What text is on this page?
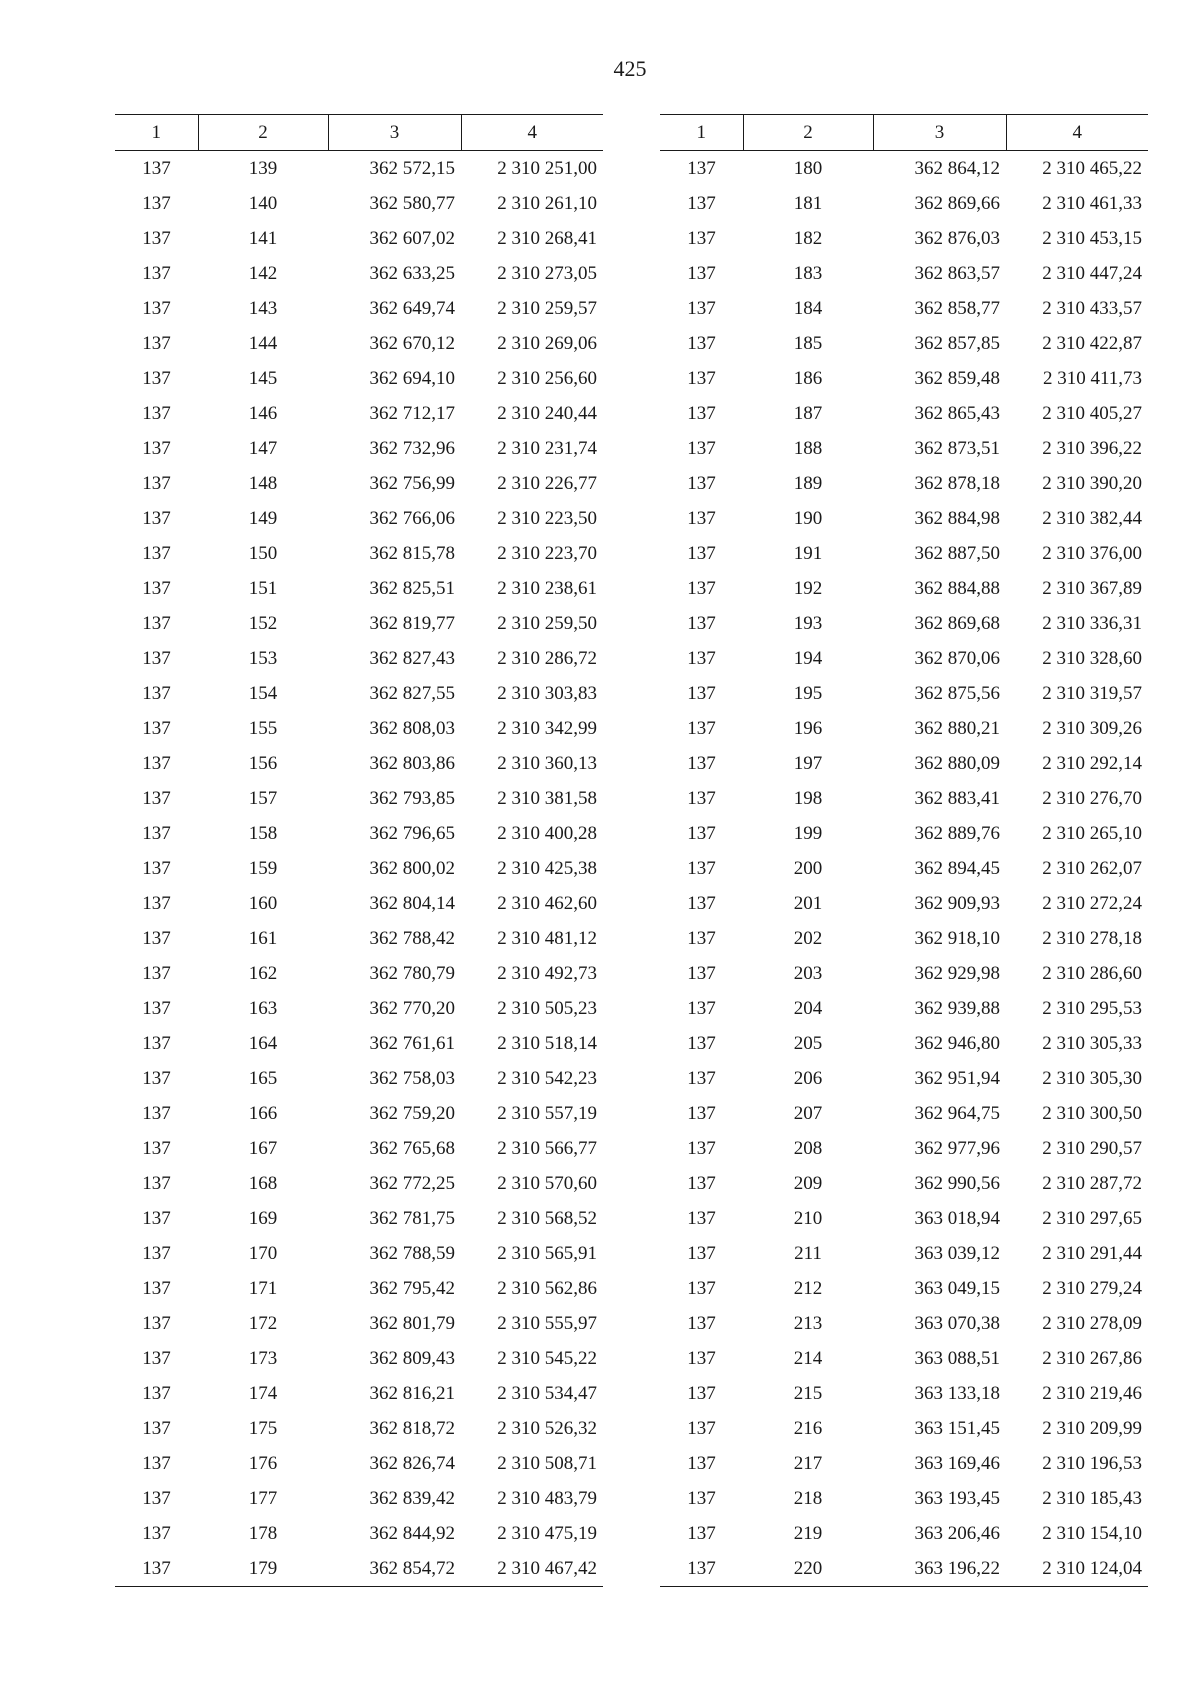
425
1	2	3	4
137	139	362 572,15	2 310 251,00
137	140	362 580,77	2 310 261,10
137	141	362 607,02	2 310 268,41
137	142	362 633,25	2 310 273,05
137	143	362 649,74	2 310 259,57
137	144	362 670,12	2 310 269,06
137	145	362 694,10	2 310 256,60
137	146	362 712,17	2 310 240,44
137	147	362 732,96	2 310 231,74
137	148	362 756,99	2 310 226,77
137	149	362 766,06	2 310 223,50
137	150	362 815,78	2 310 223,70
137	151	362 825,51	2 310 238,61
137	152	362 819,77	2 310 259,50
137	153	362 827,43	2 310 286,72
137	154	362 827,55	2 310 303,83
137	155	362 808,03	2 310 342,99
137	156	362 803,86	2 310 360,13
137	157	362 793,85	2 310 381,58
137	158	362 796,65	2 310 400,28
137	159	362 800,02	2 310 425,38
137	160	362 804,14	2 310 462,60
137	161	362 788,42	2 310 481,12
137	162	362 780,79	2 310 492,73
137	163	362 770,20	2 310 505,23
137	164	362 761,61	2 310 518,14
137	165	362 758,03	2 310 542,23
137	166	362 759,20	2 310 557,19
137	167	362 765,68	2 310 566,77
137	168	362 772,25	2 310 570,60
137	169	362 781,75	2 310 568,52
137	170	362 788,59	2 310 565,91
137	171	362 795,42	2 310 562,86
137	172	362 801,79	2 310 555,97
137	173	362 809,43	2 310 545,22
137	174	362 816,21	2 310 534,47
137	175	362 818,72	2 310 526,32
137	176	362 826,74	2 310 508,71
137	177	362 839,42	2 310 483,79
137	178	362 844,92	2 310 475,19
137	179	362 854,72	2 310 467,42
1	2	3	4
137	180	362 864,12	2 310 465,22
137	181	362 869,66	2 310 461,33
137	182	362 876,03	2 310 453,15
137	183	362 863,57	2 310 447,24
137	184	362 858,77	2 310 433,57
137	185	362 857,85	2 310 422,87
137	186	362 859,48	2 310 411,73
137	187	362 865,43	2 310 405,27
137	188	362 873,51	2 310 396,22
137	189	362 878,18	2 310 390,20
137	190	362 884,98	2 310 382,44
137	191	362 887,50	2 310 376,00
137	192	362 884,88	2 310 367,89
137	193	362 869,68	2 310 336,31
137	194	362 870,06	2 310 328,60
137	195	362 875,56	2 310 319,57
137	196	362 880,21	2 310 309,26
137	197	362 880,09	2 310 292,14
137	198	362 883,41	2 310 276,70
137	199	362 889,76	2 310 265,10
137	200	362 894,45	2 310 262,07
137	201	362 909,93	2 310 272,24
137	202	362 918,10	2 310 278,18
137	203	362 929,98	2 310 286,60
137	204	362 939,88	2 310 295,53
137	205	362 946,80	2 310 305,33
137	206	362 951,94	2 310 305,30
137	207	362 964,75	2 310 300,50
137	208	362 977,96	2 310 290,57
137	209	362 990,56	2 310 287,72
137	210	363 018,94	2 310 297,65
137	211	363 039,12	2 310 291,44
137	212	363 049,15	2 310 279,24
137	213	363 070,38	2 310 278,09
137	214	363 088,51	2 310 267,86
137	215	363 133,18	2 310 219,46
137	216	363 151,45	2 310 209,99
137	217	363 169,46	2 310 196,53
137	218	363 193,45	2 310 185,43
137	219	363 206,46	2 310 154,10
137	220	363 196,22	2 310 124,04
